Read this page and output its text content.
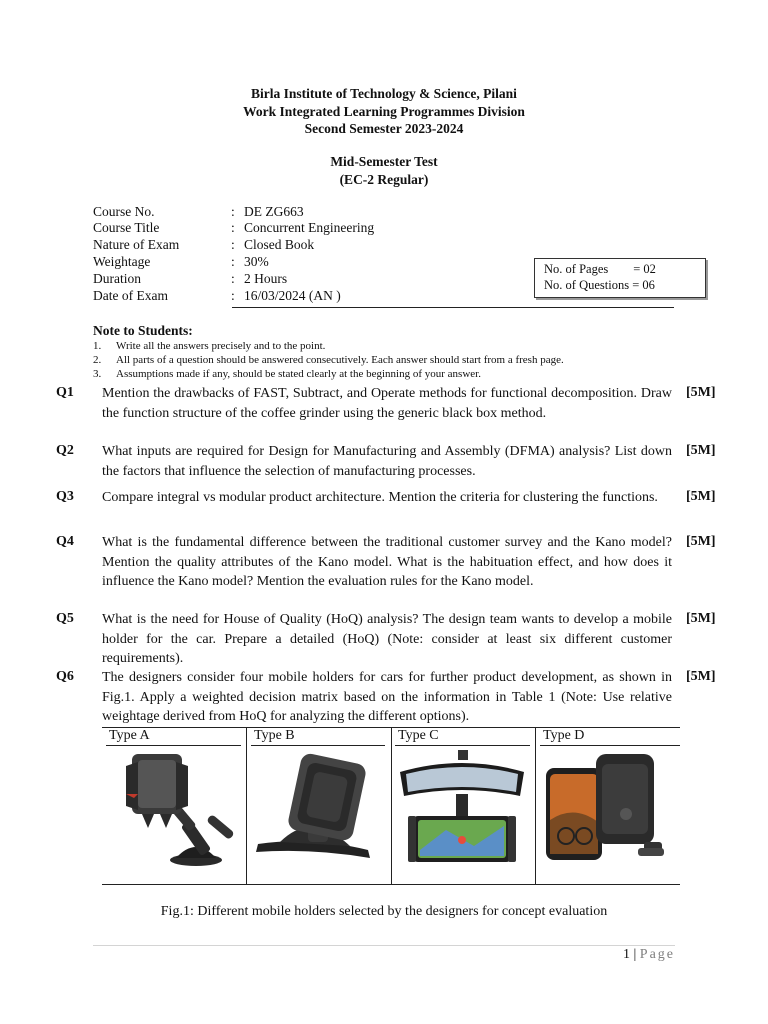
Birla Institute of Technology & Science, Pilani
Work Integrated Learning Programmes Division
Second Semester 2023-2024
Mid-Semester Test
(EC-2 Regular)
Course No.	: DE ZG663
Course Title	: Concurrent Engineering
Nature of Exam	: Closed Book
Weightage	: 30%
Duration	: 2 Hours
Date of Exam	: 16/03/2024 (AN )
No. of Pages        = 02
No. of Questions = 06
Note to Students:
1. Write all the answers precisely and to the point.
2. All parts of a question should be answered consecutively. Each answer should start from a fresh page.
3. Assumptions made if any, should be stated clearly at the beginning of your answer.
Q1 Mention the drawbacks of FAST, Subtract, and Operate methods for functional decomposition. Draw the function structure of the coffee grinder using the generic black box method.
[5M]
Q2 What inputs are required for Design for Manufacturing and Assembly (DFMA) analysis? List down the factors that influence the selection of manufacturing processes.
[5M]
Q3 Compare integral vs modular product architecture. Mention the criteria for clustering the functions.	[5M]
Q4 What is the fundamental difference between the traditional customer survey and the Kano model? Mention the quality attributes of the Kano model. What is the habituation effect, and how does it influence the Kano model? Mention the evaluation rules for the Kano model.
[5M]
Q5 What is the need for House of Quality (HoQ) analysis? The design team wants to develop a mobile holder for the car. Prepare a detailed (HoQ) (Note: consider at least six different customer requirements).
[5M]
Q6 The designers consider four mobile holders for cars for further product development, as shown in Fig.1. Apply a weighted decision matrix based on the information in Table 1 (Note: Use relative weightage derived from HoQ for analyzing the different options).
[5M]
Type A	Type B	Type C	Type D
Fig.1: Different mobile holders selected by the designers for concept evaluation
1 | Page
